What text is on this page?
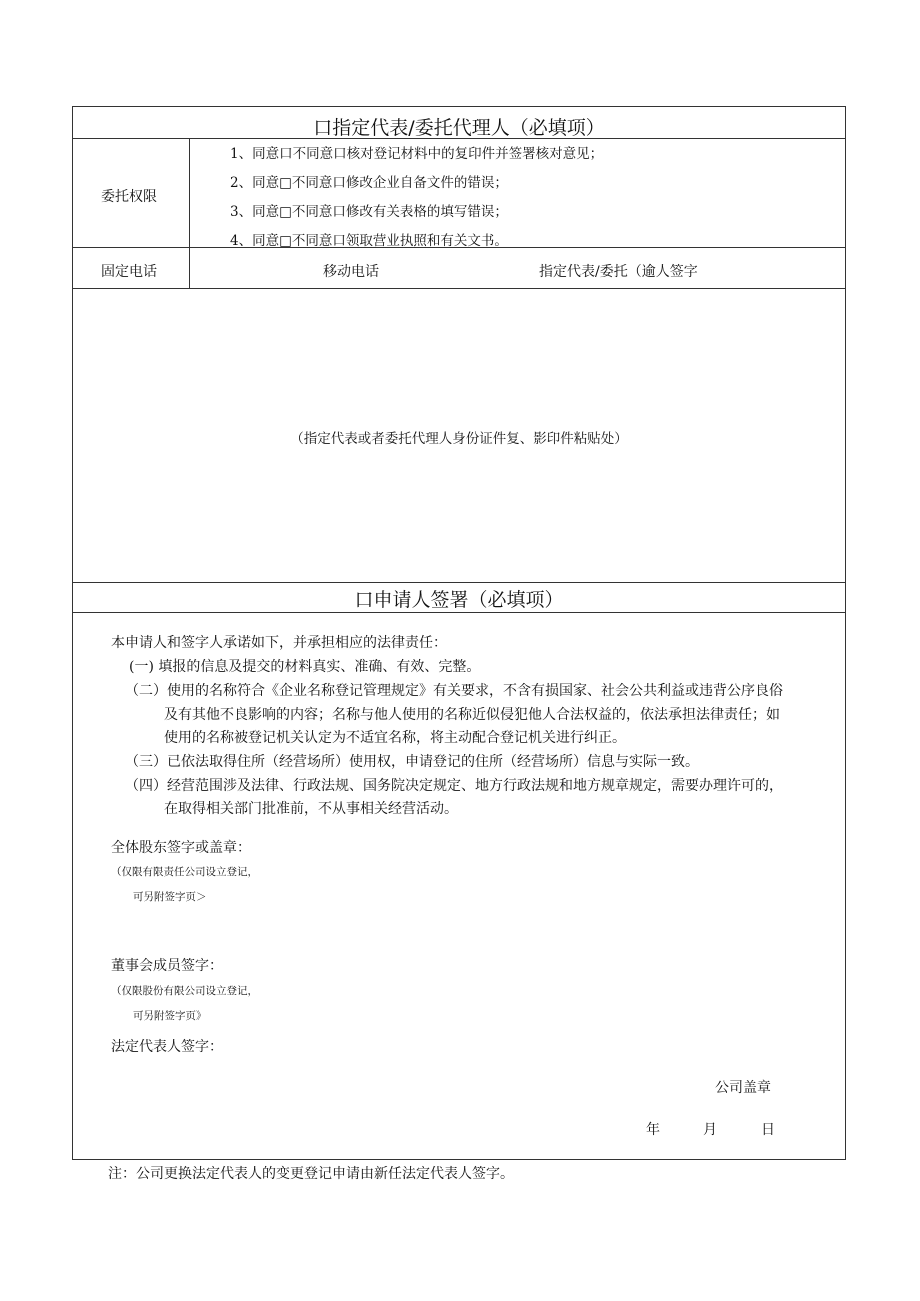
口指定代表/委托代理人（必填项）
委托权限
1、同意口不同意口核对登记材料中的复印件并签署核对意见；
2、同意□不同意口修改企业自备文件的错误；
3、同意□不同意口修改有关表格的填写错误；
4、同意□不同意口领取营业执照和有关文书。
固定电话	移动电话	指定代表/委托（逾人签字
（指定代表或者委托代理人身份证件复、影印件粘贴处）
口申请人签署（必填项）
本申请人和签字人承诺如下，并承担相应的法律责任：
(一) 填报的信息及提交的材料真实、准确、有效、完整。
（二）使用的名称符合《企业名称登记管理规定》有关要求，不含有损国家、社会公共利益或违背公序良俗
及有其他不良影响的内容；名称与他人使用的名称近似侵犯他人合法权益的，依法承担法律责任；如
使用的名称被登记机关认定为不适宜名称，将主动配合登记机关进行纠正。
（三）已依法取得住所（经营场所）使用权，申请登记的住所（经营场所）信息与实际一致。
（四）经营范围涉及法律、行政法规、国务院决定规定、地方行政法规和地方规章规定，需要办理许可的，
在取得相关部门批准前，不从事相关经营活动。
全体股东签字或盖章：
（仅限有限责任公司设立登记，
可另附签字页＞
董事会成员签字：
（仅限股份有限公司设立登记，
可另附签字页》
法定代表人签字：
公司盖章
年	月	日
注：公司更换法定代表人的变更登记申请由新任法定代表人签字。
